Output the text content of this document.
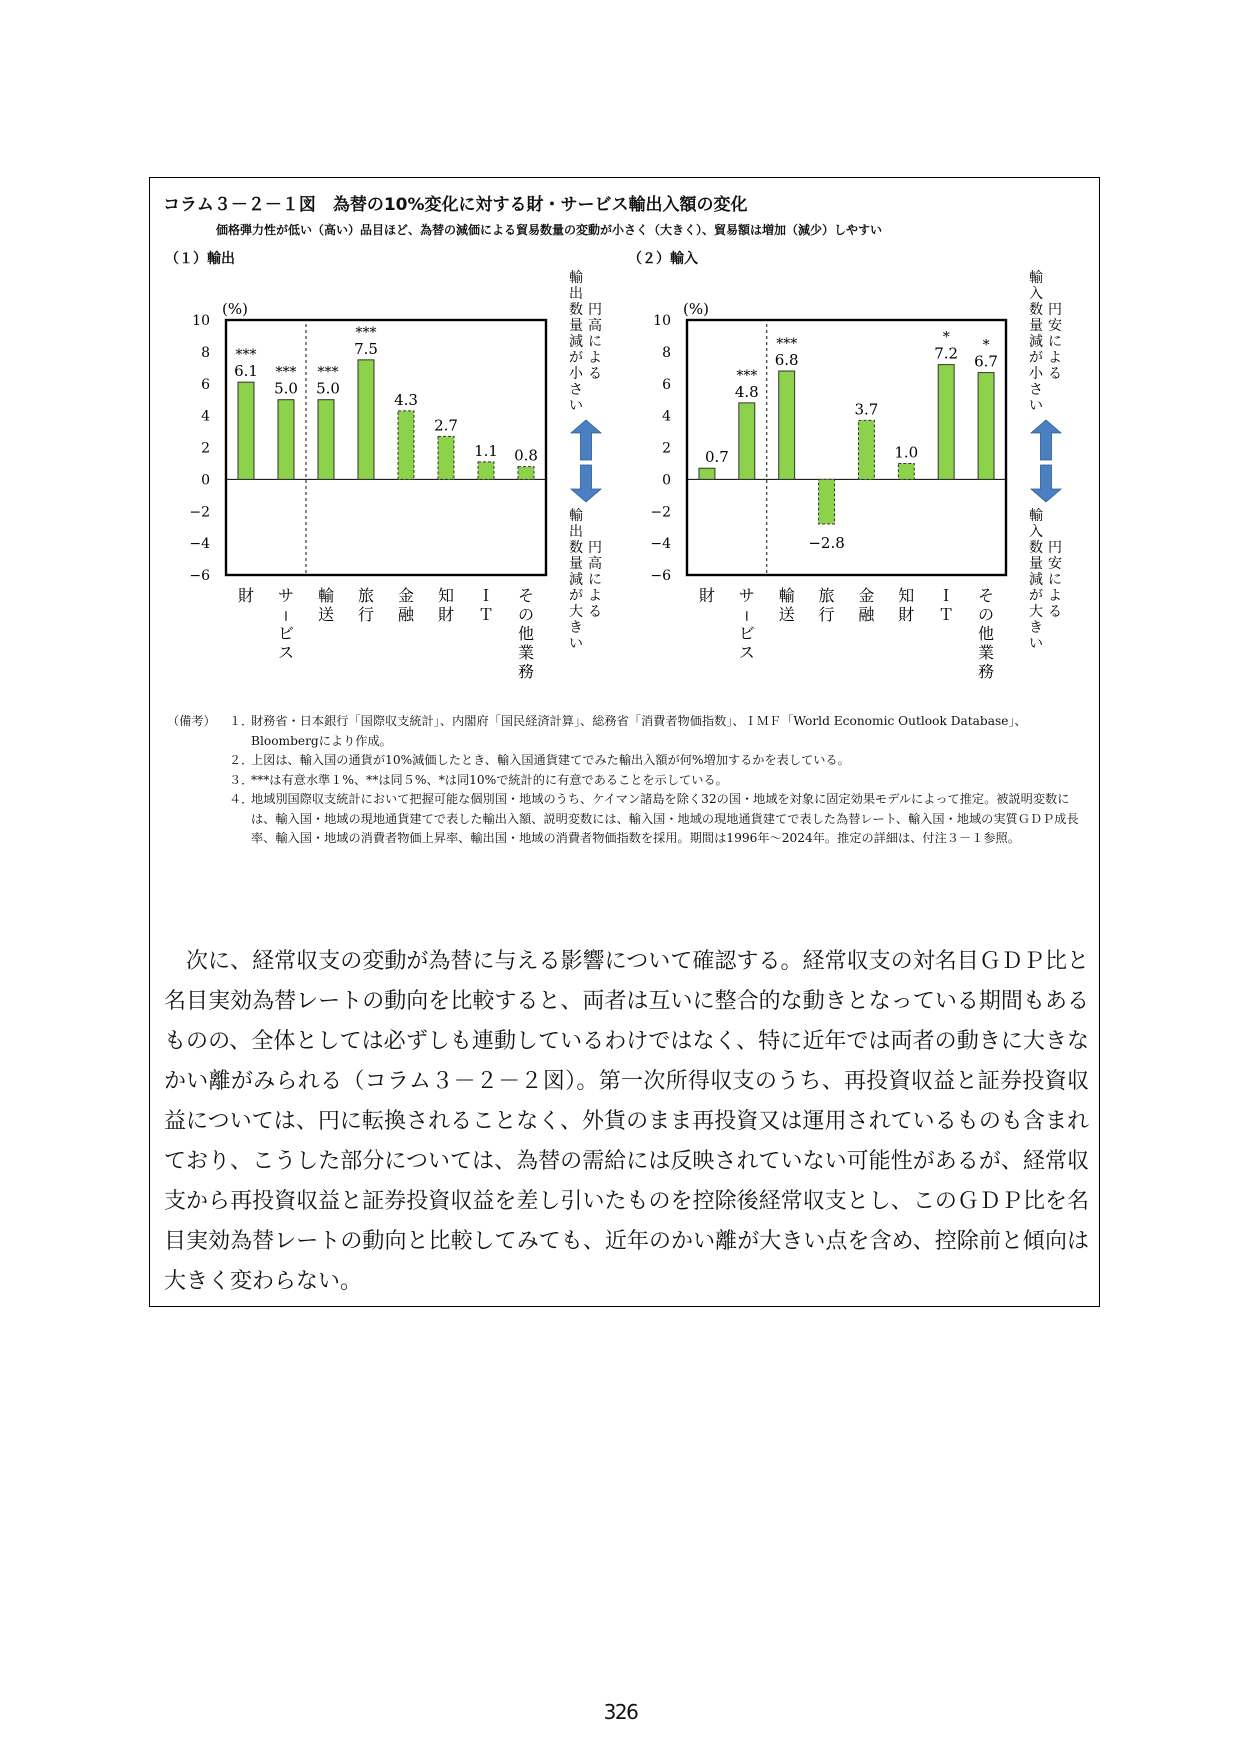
コラム３－２－１図　為替の10%変化に対する財・サービス輸出入額の変化
価格弾力性が低い（高い）品目ほど、為替の減価による貿易数量の変動が小さく（大きく）、貿易額は増加（減少）しやすい
（１）輸出	（２）輸入
10
8
6
4
2
0
−2
−4
−6
(%)
6.1
***
5.0
***
5.0
***
7.5
***
4.3
2.7
1.1 0.8
財 サ
ビ
ス
輸
送
旅
行
金
融
知
財
Ｉ
Ｔ
そ
の
他
業
務
輸
出
数
量
減
が
小
さ
い
円
高
に
よ
る
輸
出
数
量
減
が
大
き
い
円
高
に
よ
る
10
8
6
4
2
0
−2
−4
−6
(%)
0.7
4.8
***
6.8
***
−2.8
3.7
1.0
7.2
*
6.7
*
財 サ
ビ
ス
輸
送
旅
行
金
融
知
財
Ｉ
Ｔ
そ
の
他
業
務
輸
入
数
量
減
が
小
さ
い
円
安
に
よ
る
輸
入
数
量
減
が
大
き
い
円
安
に
よ
る
（備考）	１．
財務省・日本銀行「国際収支統計」、内閣府「国民経済計算」、総務省「消費者物価指数」、ＩＭＦ「World Economic Outlook Database」、Bloombergにより作成。
２．
上図は、輸入国の通貨が10%減価したとき、輸入国通貨建てでみた輸出入額が何%増加するかを表している。
３．
***は有意水準１%、**は同５%、*は同10%で統計的に有意であることを示している。
４．
地域別国際収支統計において把握可能な個別国・地域のうち、ケイマン諸島を除く32の国・地域を対象に固定効果モデルによって推定。被説明変数には、輸入国・地域の現地通貨建てで表した輸出入額、説明変数には、輸入国・地域の現地通貨建てで表した為替レート、輸入国・地域の実質ＧＤＰ成長率、輸入国・地域の消費者物価上昇率、輸出国・地域の消費者物価指数を採用。期間は1996年～2024年。推定の詳細は、付注３－１参照。

次に、経常収支の変動が為替に与える影響について確認する。経常収支の対名目ＧＤＰ比と名目実効為替レートの動向を比較すると、両者は互いに整合的な動きとなっている期間もあるものの、全体としては必ずしも連動しているわけではなく、特に近年では両者の動きに大きなかい離がみられる（コラム３－２－２図）。第一次所得収支のうち、再投資収益と証券投資収益については、円に転換されることなく、外貨のまま再投資又は運用されているものも含まれており、こうした部分については、為替の需給には反映されていない可能性があるが、経常収支から再投資収益と証券投資収益を差し引いたものを控除後経常収支とし、このＧＤＰ比を名目実効為替レートの動向と比較してみても、近年のかい離が大きい点を含め、控除前と傾向は大きく変わらない。

326
